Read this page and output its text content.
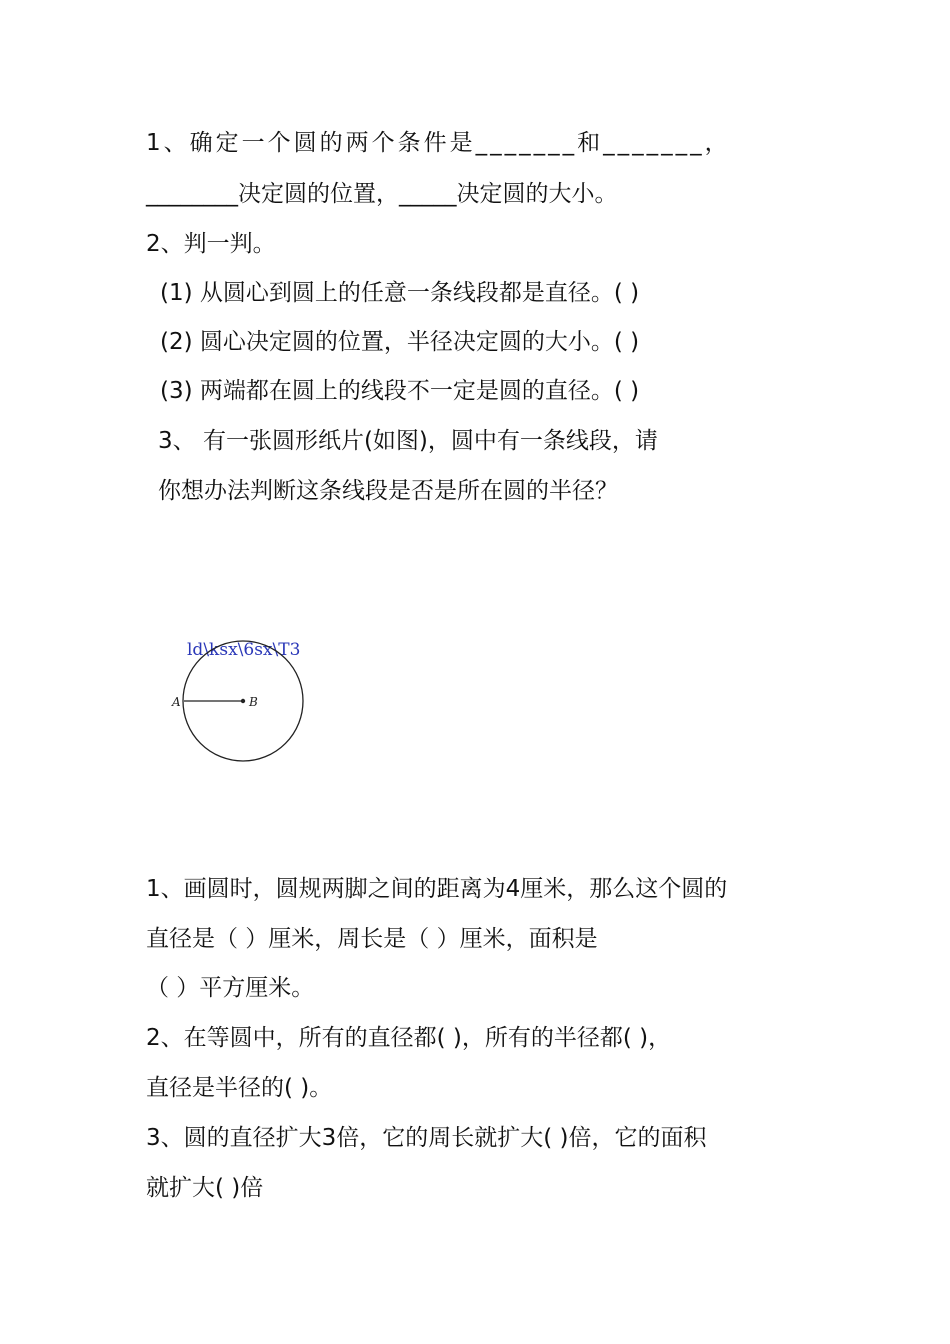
1、确定一个圆的两个条件是_______和_______，
________决定圆的位置，_____决定圆的大小。
2、判一判。
(1) 从圆心到圆上的任意一条线段都是直径。( )
(2) 圆心决定圆的位置，半径决定圆的大小。( )
(3) 两端都在圆上的线段不一定是圆的直径。( )
3、 有一张圆形纸片(如图)，圆中有一条线段，请
你想办法判断这条线段是否是所在圆的半径？
ld\ksx\6sx\T3
A	B
1、画圆时，圆规两脚之间的距离为4厘米，那么这个圆的
直径是（ ）厘米，周长是（ ）厘米，面积是
（ ）平方厘米。
2、在等圆中，所有的直径都( )，所有的半径都( )，
直径是半径的( )。
3、圆的直径扩大3倍，它的周长就扩大( )倍，它的面积
就扩大( )倍
